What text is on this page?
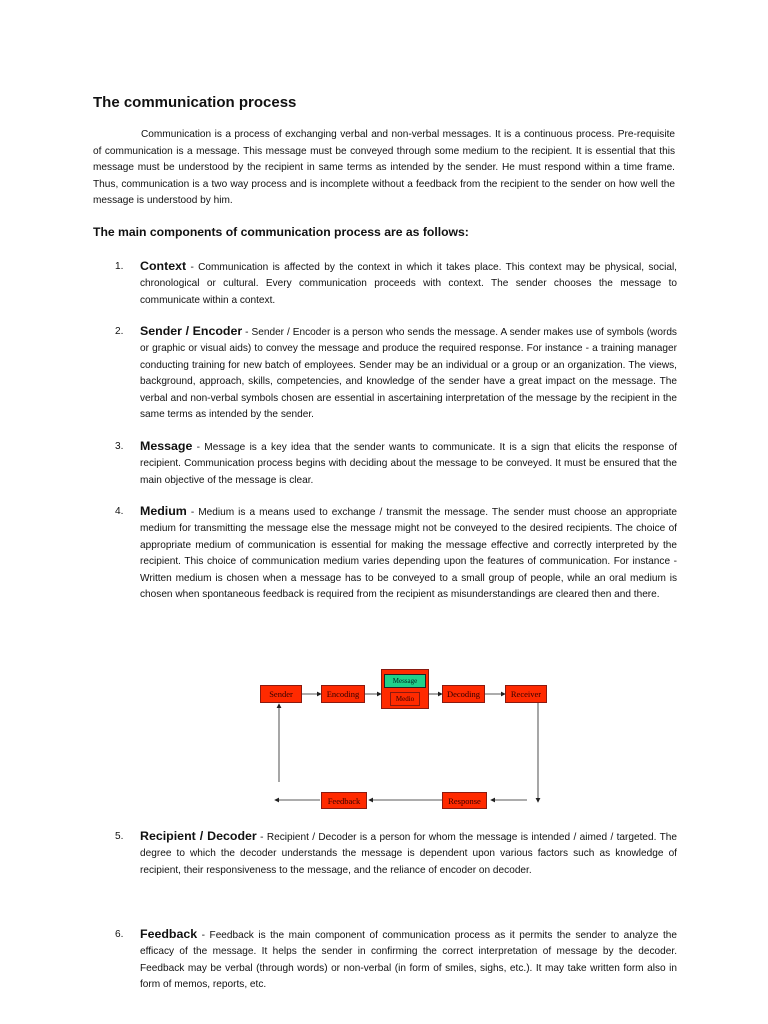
The communication process

Communication is a process of exchanging verbal and non-verbal messages. It is a continuous process. Pre-requisite of communication is a message. This message must be conveyed through some medium to the recipient. It is essential that this message must be understood by the recipient in same terms as intended by the sender. He must respond within a time frame. Thus, communication is a two way process and is incomplete without a feedback from the recipient to the sender on how well the message is understood by him.

The main components of communication process are as follows:
1. Context - Communication is affected by the context in which it takes place. This context may be physical, social, chronological or cultural. Every communication proceeds with context. The sender chooses the message to communicate within a context.
2. Sender / Encoder - Sender / Encoder is a person who sends the message. A sender makes use of symbols (words or graphic or visual aids) to convey the message and produce the required response. For instance - a training manager conducting training for new batch of employees. Sender may be an individual or a group or an organization. The views, background, approach, skills, competencies, and knowledge of the sender have a great impact on the message. The verbal and non-verbal symbols chosen are essential in ascertaining interpretation of the message by the recipient in the same terms as intended by the sender.
3. Message - Message is a key idea that the sender wants to communicate. It is a sign that elicits the response of recipient. Communication process begins with deciding about the message to be conveyed. It must be ensured that the main objective of the message is clear.
4. Medium - Medium is a means used to exchange / transmit the message. The sender must choose an appropriate medium for transmitting the message else the message might not be conveyed to the desired recipients. The choice of appropriate medium of communication is essential for making the message effective and correctly interpreted by the recipient. This choice of communication medium varies depending upon the features of communication. For instance - Written medium is chosen when a message has to be conveyed to a small group of people, while an oral medium is chosen when spontaneous feedback is required from the recipient as misunderstandings are cleared then and there.
Sender	Encoding
Message
Medio	Decoding	Receiver
Feedback	Response
5. Recipient / Decoder - Recipient / Decoder is a person for whom the message is intended / aimed / targeted. The degree to which the decoder understands the message is dependent upon various factors such as knowledge of recipient, their responsiveness to the message, and the reliance of encoder on decoder.
6. Feedback - Feedback is the main component of communication process as it permits the sender to analyze the efficacy of the message. It helps the sender in confirming the correct interpretation of message by the decoder. Feedback may be verbal (through words) or non-verbal (in form of smiles, sighs, etc.). It may take written form also in form of memos, reports, etc.
